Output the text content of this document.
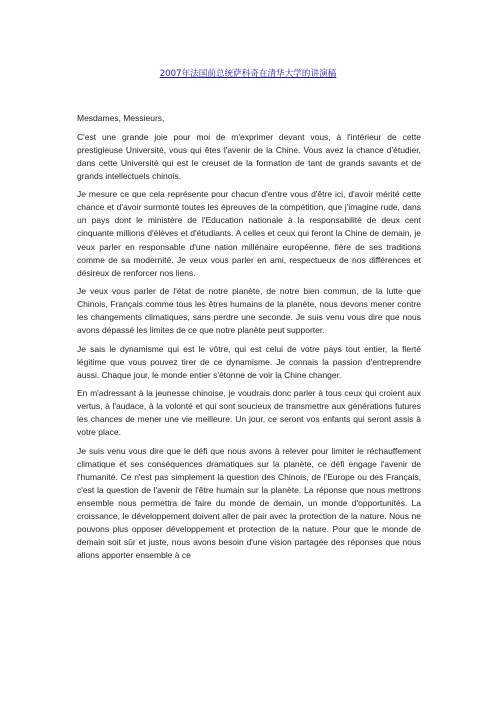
2007年法国前总统萨科奇在清华大学的讲演稿

Mesdames, Messieurs,

C'est une grande joie pour moi de m'exprimer devant vous, à l'intérieur de cette prestigieuse Université, vous qui êtes l'avenir de la Chine. Vous avez la chance d'étudier, dans cette Université qui est le creuset de la formation de tant de grands savants et de grands intellectuels chinois.

Je mesure ce que cela représente pour chacun d'entre vous d'être ici, d'avoir mérité cette chance et d'avoir surmonté toutes les épreuves de la compétition, que j'imagine rude, dans un pays dont le ministère de l'Education nationale à la responsabilité de deux cent cinquante millions d'élèves et d'étudiants. A celles et ceux qui feront la Chine de demain, je veux parler en responsable d'une nation millénaire européenne, fière de ses traditions comme de sa modernité. Je veux vous parler en ami, respectueux de nos différences et désireux de renforcer nos liens.

Je veux vous parler de l'état de notre planète, de notre bien commun, de la lutte que Chinois, Français comme tous les êtres humains de la planète, nous devons mener contre les changements climatiques, sans perdre une seconde. Je suis venu vous dire que nous avons dépassé les limites de ce que notre planète peut supporter.

Je sais le dynamisme qui est le vôtre, qui est celui de votre pays tout entier, la fierté légitime que vous pouvez tirer de ce dynamisme. Je connais la passion d'entreprendre aussi. Chaque jour, le monde entier s'étonne de voir la Chine changer.

En m'adressant à la jeunesse chinoise, je voudrais donc parler à tous ceux qui croient aux vertus, à l'audace, à la volonté et qui sont soucieux de transmettre aux générations futures les chances de mener une vie meilleure. Un jour, ce seront vos enfants qui seront assis à votre place.

Je suis venu vous dire que le défi que nous avons à relever pour limiter le réchauffement climatique et ses conséquences dramatiques sur la planète, ce défi engage l'avenir de l'humanité. Ce n'est pas simplement la question des Chinois, de l'Europe ou des Français, c'est la question de l'avenir de l'être humain sur la planète. La réponse que nous mettrons ensemble nous permettra de faire du monde de demain, un monde d'opportunités. La croissance, le développement doivent aller de pair avec la protection de la nature. Nous ne pouvons plus opposer développement et protection de la nature. Pour que le monde de demain soit sûr et juste, nous avons besoin d'une vision partagée des réponses que nous allons apporter ensemble à ce
